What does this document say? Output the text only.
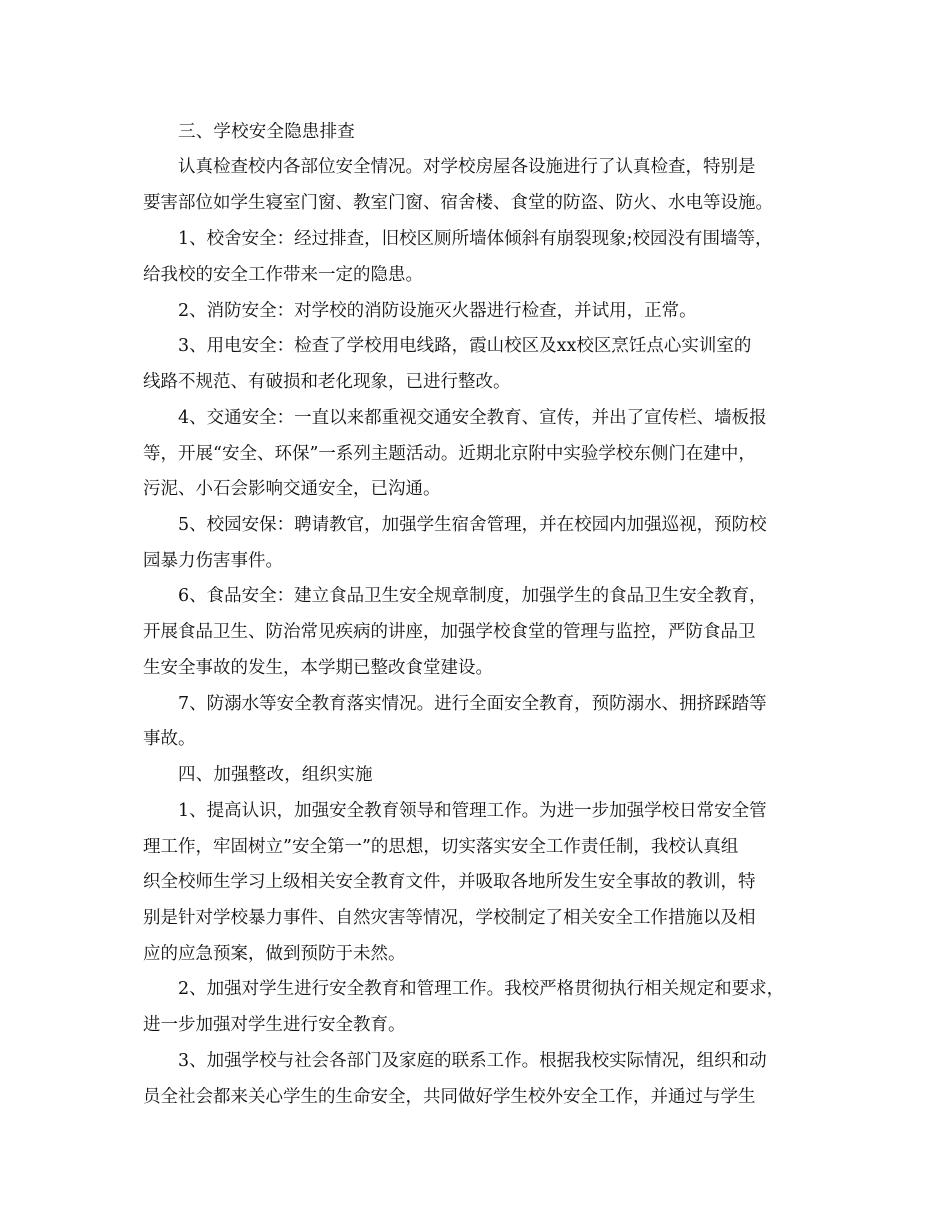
三、学校安全隐患排查

认真检查校内各部位安全情况。对学校房屋各设施进行了认真检查，特别是

要害部位如学生寝室门窗、教室门窗、宿舍楼、食堂的防盗、防火、水电等设施。

1、校舍安全：经过排查，旧校区厕所墙体倾斜有崩裂现象;校园没有围墙等，

给我校的安全工作带来一定的隐患。

2、消防安全：对学校的消防设施灭火器进行检查，并试用，正常。

3、用电安全：检查了学校用电线路，霞山校区及xx校区烹饪点心实训室的

线路不规范、有破损和老化现象，已进行整改。

4、交通安全：一直以来都重视交通安全教育、宣传，并出了宣传栏、墙板报

等，开展“安全、环保”一系列主题活动。近期北京附中实验学校东侧门在建中，

污泥、小石会影响交通安全，已沟通。

5、校园安保：聘请教官，加强学生宿舍管理，并在校园内加强巡视，预防校

园暴力伤害事件。

6、食品安全：建立食品卫生安全规章制度，加强学生的食品卫生安全教育，

开展食品卫生、防治常见疾病的讲座，加强学校食堂的管理与监控，严防食品卫

生安全事故的发生，本学期已整改食堂建设。

7、防溺水等安全教育落实情况。进行全面安全教育，预防溺水、拥挤踩踏等

事故。

四、加强整改，组织实施

1、提高认识，加强安全教育领导和管理工作。为进一步加强学校日常安全管

理工作，牢固树立”安全第一”的思想，切实落实安全工作责任制，我校认真组

织全校师生学习上级相关安全教育文件，并吸取各地所发生安全事故的教训，特

别是针对学校暴力事件、自然灾害等情况，学校制定了相关安全工作措施以及相

应的应急预案，做到预防于未然。

2、加强对学生进行安全教育和管理工作。我校严格贯彻执行相关规定和要求，

进一步加强对学生进行安全教育。

3、加强学校与社会各部门及家庭的联系工作。根据我校实际情况，组织和动

员全社会都来关心学生的生命安全，共同做好学生校外安全工作，并通过与学生
